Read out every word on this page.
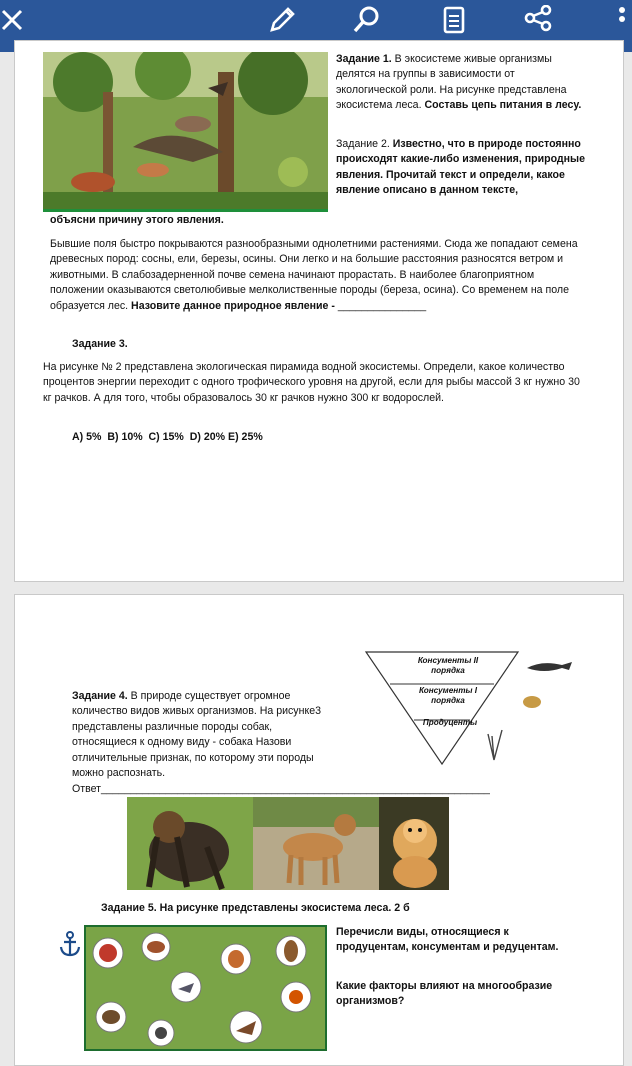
Задание 1. В экосистеме живые организмы делятся на группы в зависимости от экологической роли. На рисунке представлена экосистема леса. Составь цепь питания в лесу.
Задание 2. Известно, что в природе постоянно происходят какие-либо изменения, природные явления. Прочитай текст и определи, какое явление описано в данном тексте,
объясни причину этого явления.
Бывшие поля быстро покрываются разнообразными однолетними растениями. Сюда же попадают семена древесных пород: сосны, ели, березы, осины. Они легко и на большие расстояния разносятся ветром и животными. В слабозадерненной почве семена начинают прорастать. В наиболее благоприятном положении оказываются светолюбивые мелколиственные породы (береза, осина). Со временем на поле образуется лес. Назовите данное природное явление - _______________
Задание 3.
На рисунке № 2 представлена экологическая пирамида водной экосистемы. Определи, какое количество процентов энергии переходит с одного трофического уровня на другой, если для рыбы массой 3 кг нужно 30 кг рачков. А для того, чтобы образовалось 30 кг рачков нужно 300 кг водорослей.
A) 5%  B) 10%  C) 15%  D) 20% E) 25%
Консументы II порядка
Консументы I порядка
Продуценты
Задание 4. В природе существует огромное количество видов живых организмов. На рисунке3 представлены различные породы собак, относящиеся к одному виду - собака Назови отличительные признак, по которому эти породы можно распознать.
Ответ__________________________________________________________________
Задание 5. На рисунке представлены экосистема леса. 2 б
Перечисли виды, относящиеся к продуцентам, консументам и редуцентам.
Какие факторы влияют на многообразие организмов?
